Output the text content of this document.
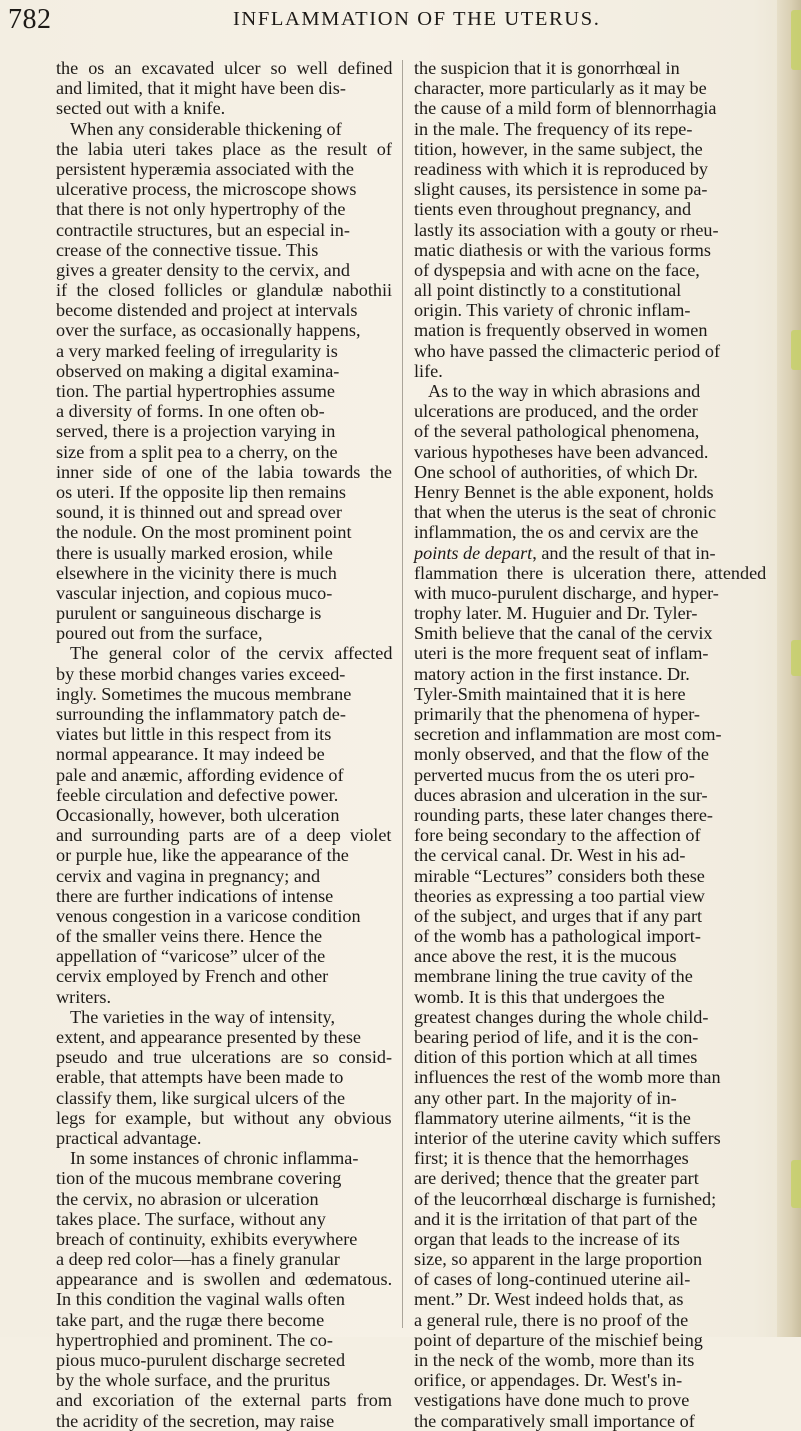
782	INFLAMMATION OF THE UTERUS.
the os an excavated ulcer so well defined
and limited, that it might have been dis-
sected out with a knife.
When any considerable thickening of
the labia uteri takes place as the result of
persistent hyperæmia associated with the
ulcerative process, the microscope shows
that there is not only hypertrophy of the
contractile structures, but an especial in-
crease of the connective tissue. This
gives a greater density to the cervix, and
if the closed follicles or glandulæ nabothii
become distended and project at intervals
over the surface, as occasionally happens,
a very marked feeling of irregularity is
observed on making a digital examina-
tion. The partial hypertrophies assume
a diversity of forms. In one often ob-
served, there is a projection varying in
size from a split pea to a cherry, on the
inner side of one of the labia towards the
os uteri. If the opposite lip then remains
sound, it is thinned out and spread over
the nodule. On the most prominent point
there is usually marked erosion, while
elsewhere in the vicinity there is much
vascular injection, and copious muco-
purulent or sanguineous discharge is
poured out from the surface,
The general color of the cervix affected
by these morbid changes varies exceed-
ingly. Sometimes the mucous membrane
surrounding the inflammatory patch de-
viates but little in this respect from its
normal appearance. It may indeed be
pale and anæmic, affording evidence of
feeble circulation and defective power.
Occasionally, however, both ulceration
and surrounding parts are of a deep violet
or purple hue, like the appearance of the
cervix and vagina in pregnancy; and
there are further indications of intense
venous congestion in a varicose condition
of the smaller veins there. Hence the
appellation of “varicose” ulcer of the
cervix employed by French and other
writers.
The varieties in the way of intensity,
extent, and appearance presented by these
pseudo and true ulcerations are so consid-
erable, that attempts have been made to
classify them, like surgical ulcers of the
legs for example, but without any obvious
practical advantage.
In some instances of chronic inflamma-
tion of the mucous membrane covering
the cervix, no abrasion or ulceration
takes place. The surface, without any
breach of continuity, exhibits everywhere
a deep red color—has a finely granular
appearance and is swollen and œdematous.
In this condition the vaginal walls often
take part, and the rugæ there become
hypertrophied and prominent. The co-
pious muco-purulent discharge secreted
by the whole surface, and the pruritus
and excoriation of the external parts from
the acridity of the secretion, may raise
the suspicion that it is gonorrhœal in
character, more particularly as it may be
the cause of a mild form of blennorrhagia
in the male. The frequency of its repe-
tition, however, in the same subject, the
readiness with which it is reproduced by
slight causes, its persistence in some pa-
tients even throughout pregnancy, and
lastly its association with a gouty or rheu-
matic diathesis or with the various forms
of dyspepsia and with acne on the face,
all point distinctly to a constitutional
origin. This variety of chronic inflam-
mation is frequently observed in women
who have passed the climacteric period of
life.
As to the way in which abrasions and
ulcerations are produced, and the order
of the several pathological phenomena,
various hypotheses have been advanced.
One school of authorities, of which Dr.
Henry Bennet is the able exponent, holds
that when the uterus is the seat of chronic
inflammation, the os and cervix are the
points de depart, and the result of that in-
flammation there is ulceration there, attended
with muco-purulent discharge, and hyper-
trophy later. M. Huguier and Dr. Tyler-
Smith believe that the canal of the cervix
uteri is the more frequent seat of inflam-
matory action in the first instance. Dr.
Tyler-Smith maintained that it is here
primarily that the phenomena of hyper-
secretion and inflammation are most com-
monly observed, and that the flow of the
perverted mucus from the os uteri pro-
duces abrasion and ulceration in the sur-
rounding parts, these later changes there-
fore being secondary to the affection of
the cervical canal. Dr. West in his ad-
mirable “Lectures” considers both these
theories as expressing a too partial view
of the subject, and urges that if any part
of the womb has a pathological import-
ance above the rest, it is the mucous
membrane lining the true cavity of the
womb. It is this that undergoes the
greatest changes during the whole child-
bearing period of life, and it is the con-
dition of this portion which at all times
influences the rest of the womb more than
any other part. In the majority of in-
flammatory uterine ailments, “it is the
interior of the uterine cavity which suffers
first; it is thence that the hemorrhages
are derived; thence that the greater part
of the leucorrhœal discharge is furnished;
and it is the irritation of that part of the
organ that leads to the increase of its
size, so apparent in the large proportion
of cases of long-continued uterine ail-
ment.” Dr. West indeed holds that, as
a general rule, there is no proof of the
point of departure of the mischief being
in the neck of the womb, more than its
orifice, or appendages. Dr. West's in-
vestigations have done much to prove
the comparatively small importance of
